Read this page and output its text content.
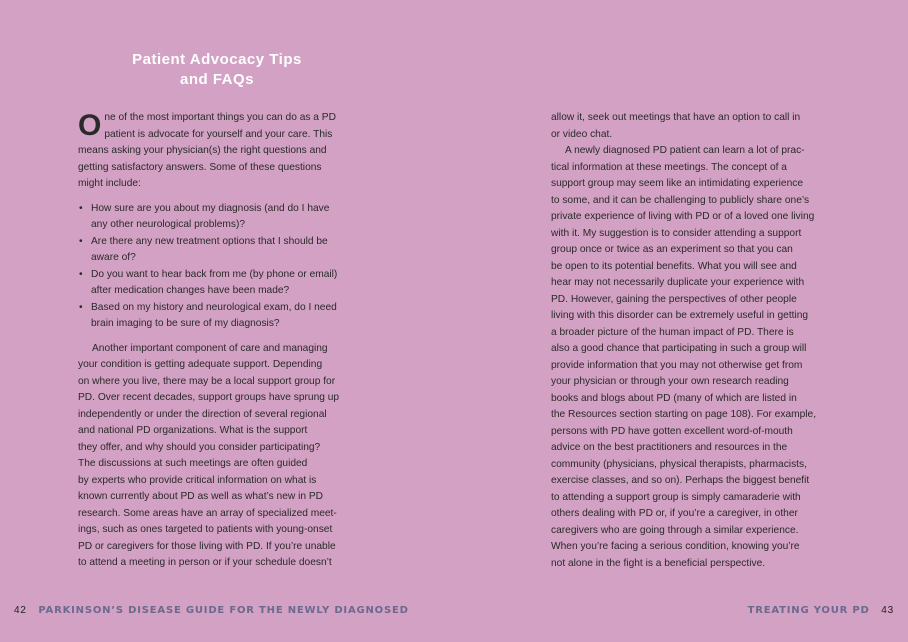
Patient Advocacy Tips
and FAQs
O ne of the most important things you can do as a PD
patient is advocate for yourself and your care. This
means asking your physician(s) the right questions and
getting satisfactory answers. Some of these questions
might include:
• How sure are you about my diagnosis (and do I have
any other neurological problems)?
• Are there any new treatment options that I should be
aware of?
• Do you want to hear back from me (by phone or email)
after medication changes have been made?
• Based on my history and neurological exam, do I need
brain imaging to be sure of my diagnosis?
Another important component of care and managing
your condition is getting adequate support. Depending
on where you live, there may be a local support group for
PD. Over recent decades, support groups have sprung up
independently or under the direction of several regional
and national PD organizations. What is the support
they offer, and why should you consider participating?
The discussions at such meetings are often guided
by experts who provide critical information on what is
known currently about PD as well as what’s new in PD
research. Some areas have an array of specialized meet-
ings, such as ones targeted to patients with young-onset
PD or caregivers for those living with PD. If you’re unable
to attend a meeting in person or if your schedule doesn’t
allow it, seek out meetings that have an option to call in
or video chat.
A newly diagnosed PD patient can learn a lot of prac-
tical information at these meetings. The concept of a
support group may seem like an intimidating experience
to some, and it can be challenging to publicly share one’s
private experience of living with PD or of a loved one living
with it. My suggestion is to consider attending a support
group once or twice as an experiment so that you can
be open to its potential benefits. What you will see and
hear may not necessarily duplicate your experience with
PD. However, gaining the perspectives of other people
living with this disorder can be extremely useful in getting
a broader picture of the human impact of PD. There is
also a good chance that participating in such a group will
provide information that you may not otherwise get from
your physician or through your own research reading
books and blogs about PD (many of which are listed in
the Resources section starting on page 108). For example,
persons with PD have gotten excellent word-of-mouth
advice on the best practitioners and resources in the
community (physicians, physical therapists, pharmacists,
exercise classes, and so on). Perhaps the biggest benefit
to attending a support group is simply camaraderie with
others dealing with PD or, if you’re a caregiver, in other
caregivers who are going through a similar experience.
When you’re facing a serious condition, knowing you’re
not alone in the fight is a beneficial perspective.
42 PARKINSON’S DISEASE GUIDE FOR THE NEWLY DIAGNOSED	TREATING YOUR PD 43
